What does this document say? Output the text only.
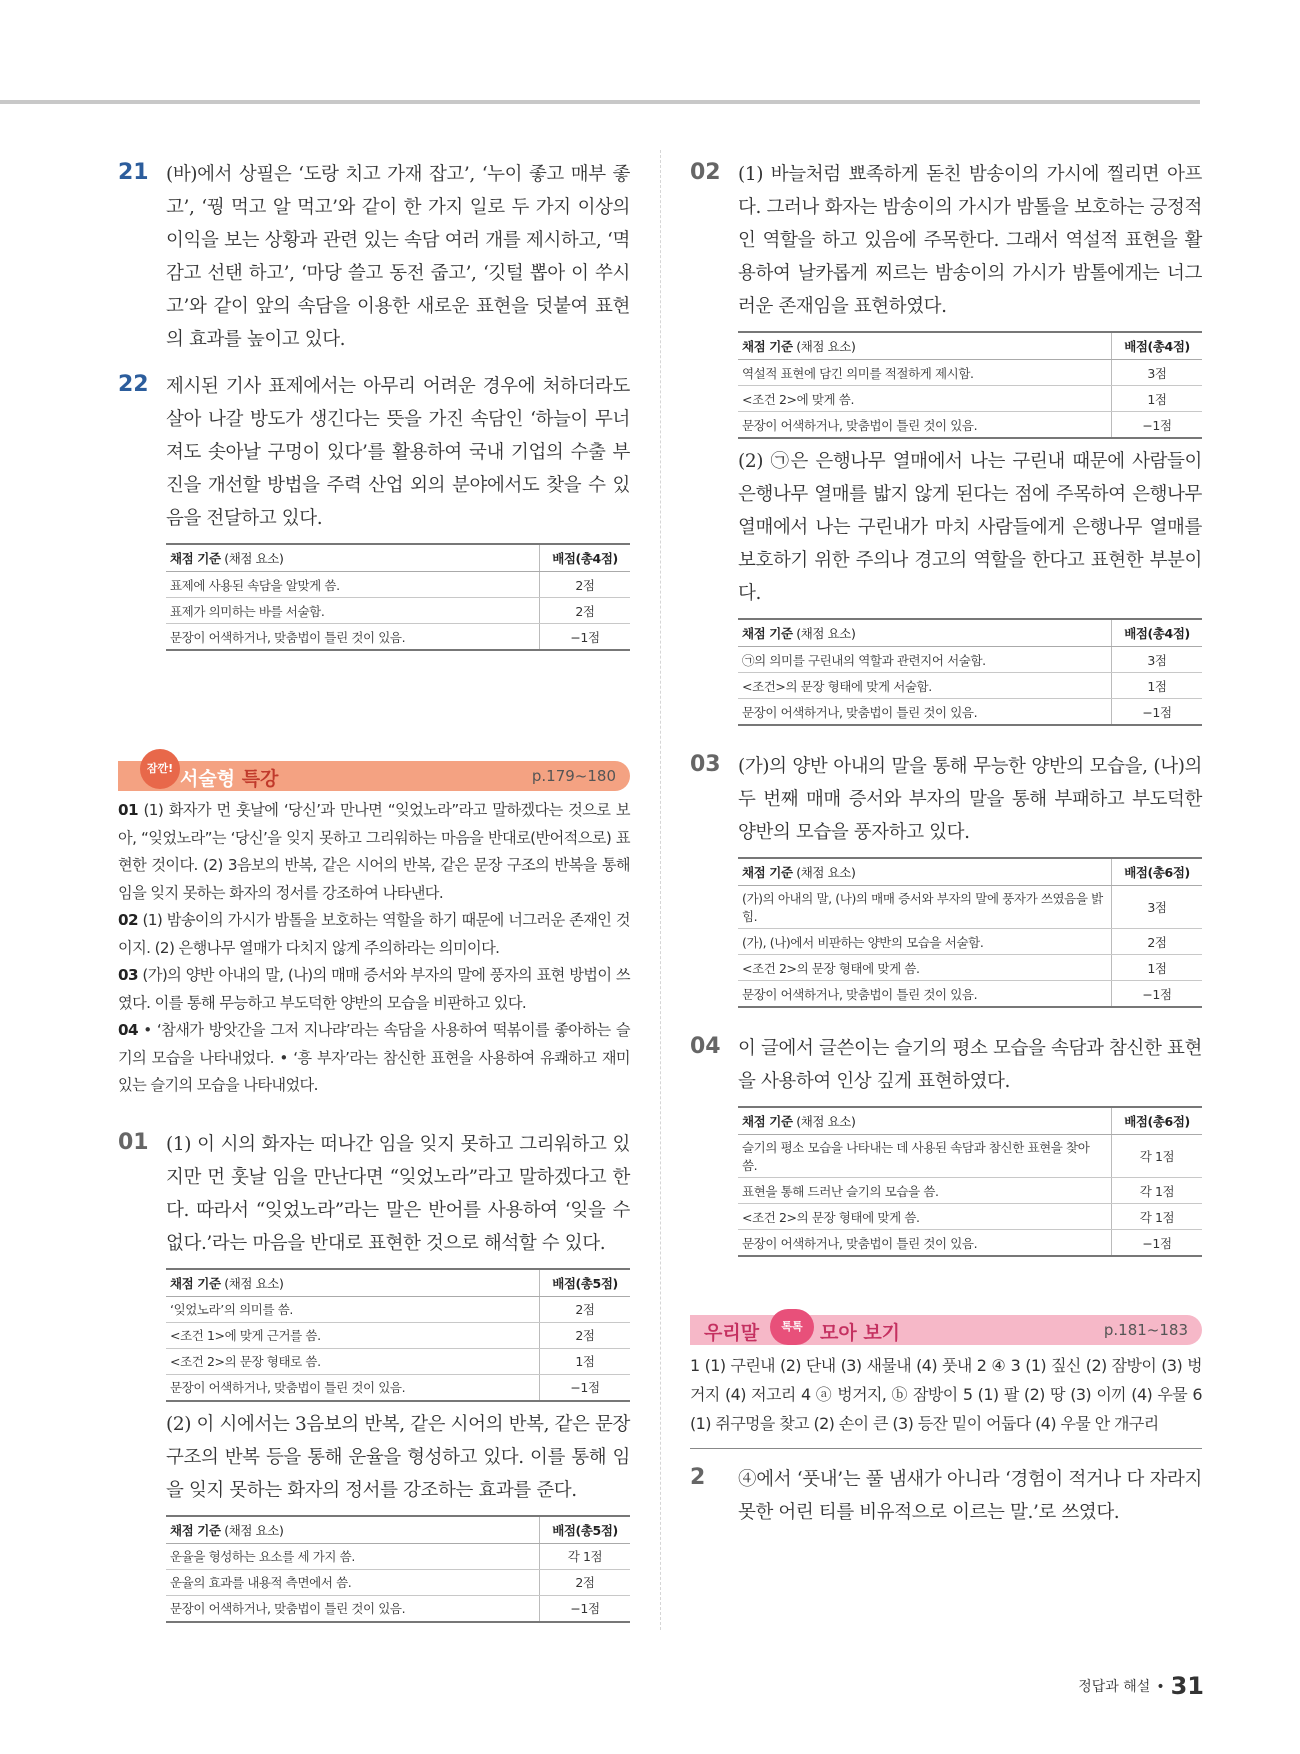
21 (바)에서 상필은 ‘도랑 치고 가재 잡고’, ‘누이 좋고 매부 좋고’, ‘꿩 먹고 알 먹고’와 같이 한 가지 일로 두 가지 이상의 이익을 보는 상황과 관련 있는 속담 여러 개를 제시하고, ‘멱 감고 선탠 하고’, ‘마당 쓸고 동전 줍고’, ‘깃털 뽑아 이 쑤시고’와 같이 앞의 속담을 이용한 새로운 표현을 덧붙여 표현의 효과를 높이고 있다.
22 제시된 기사 표제에서는 아무리 어려운 경우에 처하더라도 살아 나갈 방도가 생긴다는 뜻을 가진 속담인 ‘하늘이 무너져도 솟아날 구멍이 있다’를 활용하여 국내 기업의 수출 부진을 개선할 방법을 주력 산업 외의 분야에서도 찾을 수 있음을 전달하고 있다.
채점 기준 (채점 요소)	배점(총4점)
표제에 사용된 속담을 알맞게 씀.	2점
표제가 의미하는 바를 서술함.	2점
문장이 어색하거나, 맞춤법이 틀린 것이 있음.	−1점
잠깐! 서술형 특강	p.179~180
01 (1) 화자가 먼 훗날에 ‘당신’과 만나면 “잊었노라”라고 말하겠다는 것으로 보아, “잊었노라”는 ‘당신’을 잊지 못하고 그리워하는 마음을 반대로(반어적으로) 표현한 것이다. (2) 3음보의 반복, 같은 시어의 반복, 같은 문장 구조의 반복을 통해 임을 잊지 못하는 화자의 정서를 강조하여 나타낸다.
02 (1) 밤송이의 가시가 밤톨을 보호하는 역할을 하기 때문에 너그러운 존재인 것이지. (2) 은행나무 열매가 다치지 않게 주의하라는 의미이다.
03 (가)의 양반 아내의 말, (나)의 매매 증서와 부자의 말에 풍자의 표현 방법이 쓰였다. 이를 통해 무능하고 부도덕한 양반의 모습을 비판하고 있다.
04 • ‘참새가 방앗간을 그저 지나랴’라는 속담을 사용하여 떡볶이를 좋아하는 슬기의 모습을 나타내었다. • ‘흥 부자’라는 참신한 표현을 사용하여 유쾌하고 재미있는 슬기의 모습을 나타내었다.
01 (1) 이 시의 화자는 떠나간 임을 잊지 못하고 그리워하고 있지만 먼 훗날 임을 만난다면 “잊었노라”라고 말하겠다고 한다. 따라서 “잊었노라”라는 말은 반어를 사용하여 ‘잊을 수 없다.’라는 마음을 반대로 표현한 것으로 해석할 수 있다.
채점 기준 (채점 요소)	배점(총5점)
‘잊었노라’의 의미를 씀.	2점
<조건 1>에 맞게 근거를 씀.	2점
<조건 2>의 문장 형태로 씀.	1점
문장이 어색하거나, 맞춤법이 틀린 것이 있음.	−1점
(2) 이 시에서는 3음보의 반복, 같은 시어의 반복, 같은 문장 구조의 반복 등을 통해 운율을 형성하고 있다. 이를 통해 임을 잊지 못하는 화자의 정서를 강조하는 효과를 준다.
채점 기준 (채점 요소)	배점(총5점)
운율을 형성하는 요소를 세 가지 씀.	각 1점
운율의 효과를 내용적 측면에서 씀.	2점
문장이 어색하거나, 맞춤법이 틀린 것이 있음.	−1점
02 (1) 바늘처럼 뾰족하게 돋친 밤송이의 가시에 찔리면 아프다. 그러나 화자는 밤송이의 가시가 밤톨을 보호하는 긍정적인 역할을 하고 있음에 주목한다. 그래서 역설적 표현을 활용하여 날카롭게 찌르는 밤송이의 가시가 밤톨에게는 너그러운 존재임을 표현하였다.
채점 기준 (채점 요소)	배점(총4점)
역설적 표현에 담긴 의미를 적절하게 제시함.	3점
<조건 2>에 맞게 씀.	1점
문장이 어색하거나, 맞춤법이 틀린 것이 있음.	−1점
(2) ㉠은 은행나무 열매에서 나는 구린내 때문에 사람들이 은행나무 열매를 밟지 않게 된다는 점에 주목하여 은행나무 열매에서 나는 구린내가 마치 사람들에게 은행나무 열매를 보호하기 위한 주의나 경고의 역할을 한다고 표현한 부분이다.
채점 기준 (채점 요소)	배점(총4점)
㉠의 의미를 구린내의 역할과 관련지어 서술함.	3점
<조건>의 문장 형태에 맞게 서술함.	1점
문장이 어색하거나, 맞춤법이 틀린 것이 있음.	−1점
03 (가)의 양반 아내의 말을 통해 무능한 양반의 모습을, (나)의 두 번째 매매 증서와 부자의 말을 통해 부패하고 부도덕한 양반의 모습을 풍자하고 있다.
채점 기준 (채점 요소)	배점(총6점)
(가)의 아내의 말, (나)의 매매 증서와 부자의 말에 풍자가 쓰였음을 밝힘.	3점
(가), (나)에서 비판하는 양반의 모습을 서술함.	2점
<조건 2>의 문장 형태에 맞게 씀.	1점
문장이 어색하거나, 맞춤법이 틀린 것이 있음.	−1점
04 이 글에서 글쓴이는 슬기의 평소 모습을 속담과 참신한 표현을 사용하여 인상 깊게 표현하였다.
채점 기준 (채점 요소)	배점(총6점)
슬기의 평소 모습을 나타내는 데 사용된 속담과 참신한 표현을 찾아 씀.	각 1점
표현을 통해 드러난 슬기의 모습을 씀.	각 1점
<조건 2>의 문장 형태에 맞게 씀.	각 1점
문장이 어색하거나, 맞춤법이 틀린 것이 있음.	−1점
우리말	톡톡 모아 보기	p.181~183
1 (1) 구린내 (2) 단내 (3) 새물내 (4) 풋내 2 ④ 3 (1) 짚신 (2) 잠방이 (3) 벙거지 (4) 저고리 4 ⓐ 벙거지, ⓑ 잠방이 5 (1) 팔 (2) 땅 (3) 이끼 (4) 우물 6 (1) 쥐구멍을 찾고 (2) 손이 큰 (3) 등잔 밑이 어둡다 (4) 우물 안 개구리
2 ④에서 ‘풋내’는 풀 냄새가 아니라 ‘경험이 적거나 다 자라지 못한 어린 티를 비유적으로 이르는 말.’로 쓰였다.
정답과 해설 • 31
